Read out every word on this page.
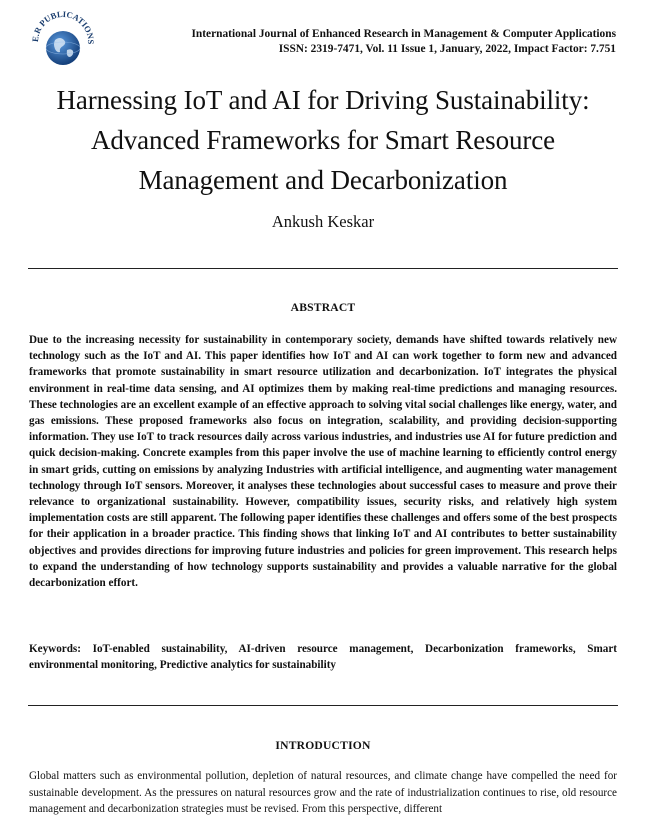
E.R PUBLICATIONS
International Journal of Enhanced Research in Management & Computer Applications
ISSN: 2319-7471, Vol. 11 Issue 1, January, 2022, Impact Factor: 7.751
Harnessing IoT and AI for Driving Sustainability:
Advanced Frameworks for Smart Resource
Management and Decarbonization
Ankush Keskar
ABSTRACT

Due to the increasing necessity for sustainability in contemporary society, demands have shifted towards relatively new technology such as the IoT and AI. This paper identifies how IoT and AI can work together to form new and advanced frameworks that promote sustainability in smart resource utilization and decarbonization. IoT integrates the physical environment in real-time data sensing, and AI optimizes them by making real-time predictions and managing resources. These technologies are an excellent example of an effective approach to solving vital social challenges like energy, water, and gas emissions. These proposed frameworks also focus on integration, scalability, and providing decision-supporting information. They use IoT to track resources daily across various industries, and industries use AI for future prediction and quick decision-making. Concrete examples from this paper involve the use of machine learning to efficiently control energy in smart grids, cutting on emissions by analyzing Industries with artificial intelligence, and augmenting water management technology through IoT sensors. Moreover, it analyses these technologies about successful cases to measure and prove their relevance to organizational sustainability. However, compatibility issues, security risks, and relatively high system implementation costs are still apparent. The following paper identifies these challenges and offers some of the best prospects for their application in a broader practice. This finding shows that linking IoT and AI contributes to better sustainability objectives and provides directions for improving future industries and policies for green improvement. This research helps to expand the understanding of how technology supports sustainability and provides a valuable narrative for the global decarbonization effort.

Keywords: IoT-enabled sustainability, AI-driven resource management, Decarbonization frameworks, Smart environmental monitoring, Predictive analytics for sustainability

INTRODUCTION

Global matters such as environmental pollution, depletion of natural resources, and climate change have compelled the need for sustainable development. As the pressures on natural resources grow and the rate of industrialization continues to rise, old resource management and decarbonization strategies must be revised. From this perspective, different
